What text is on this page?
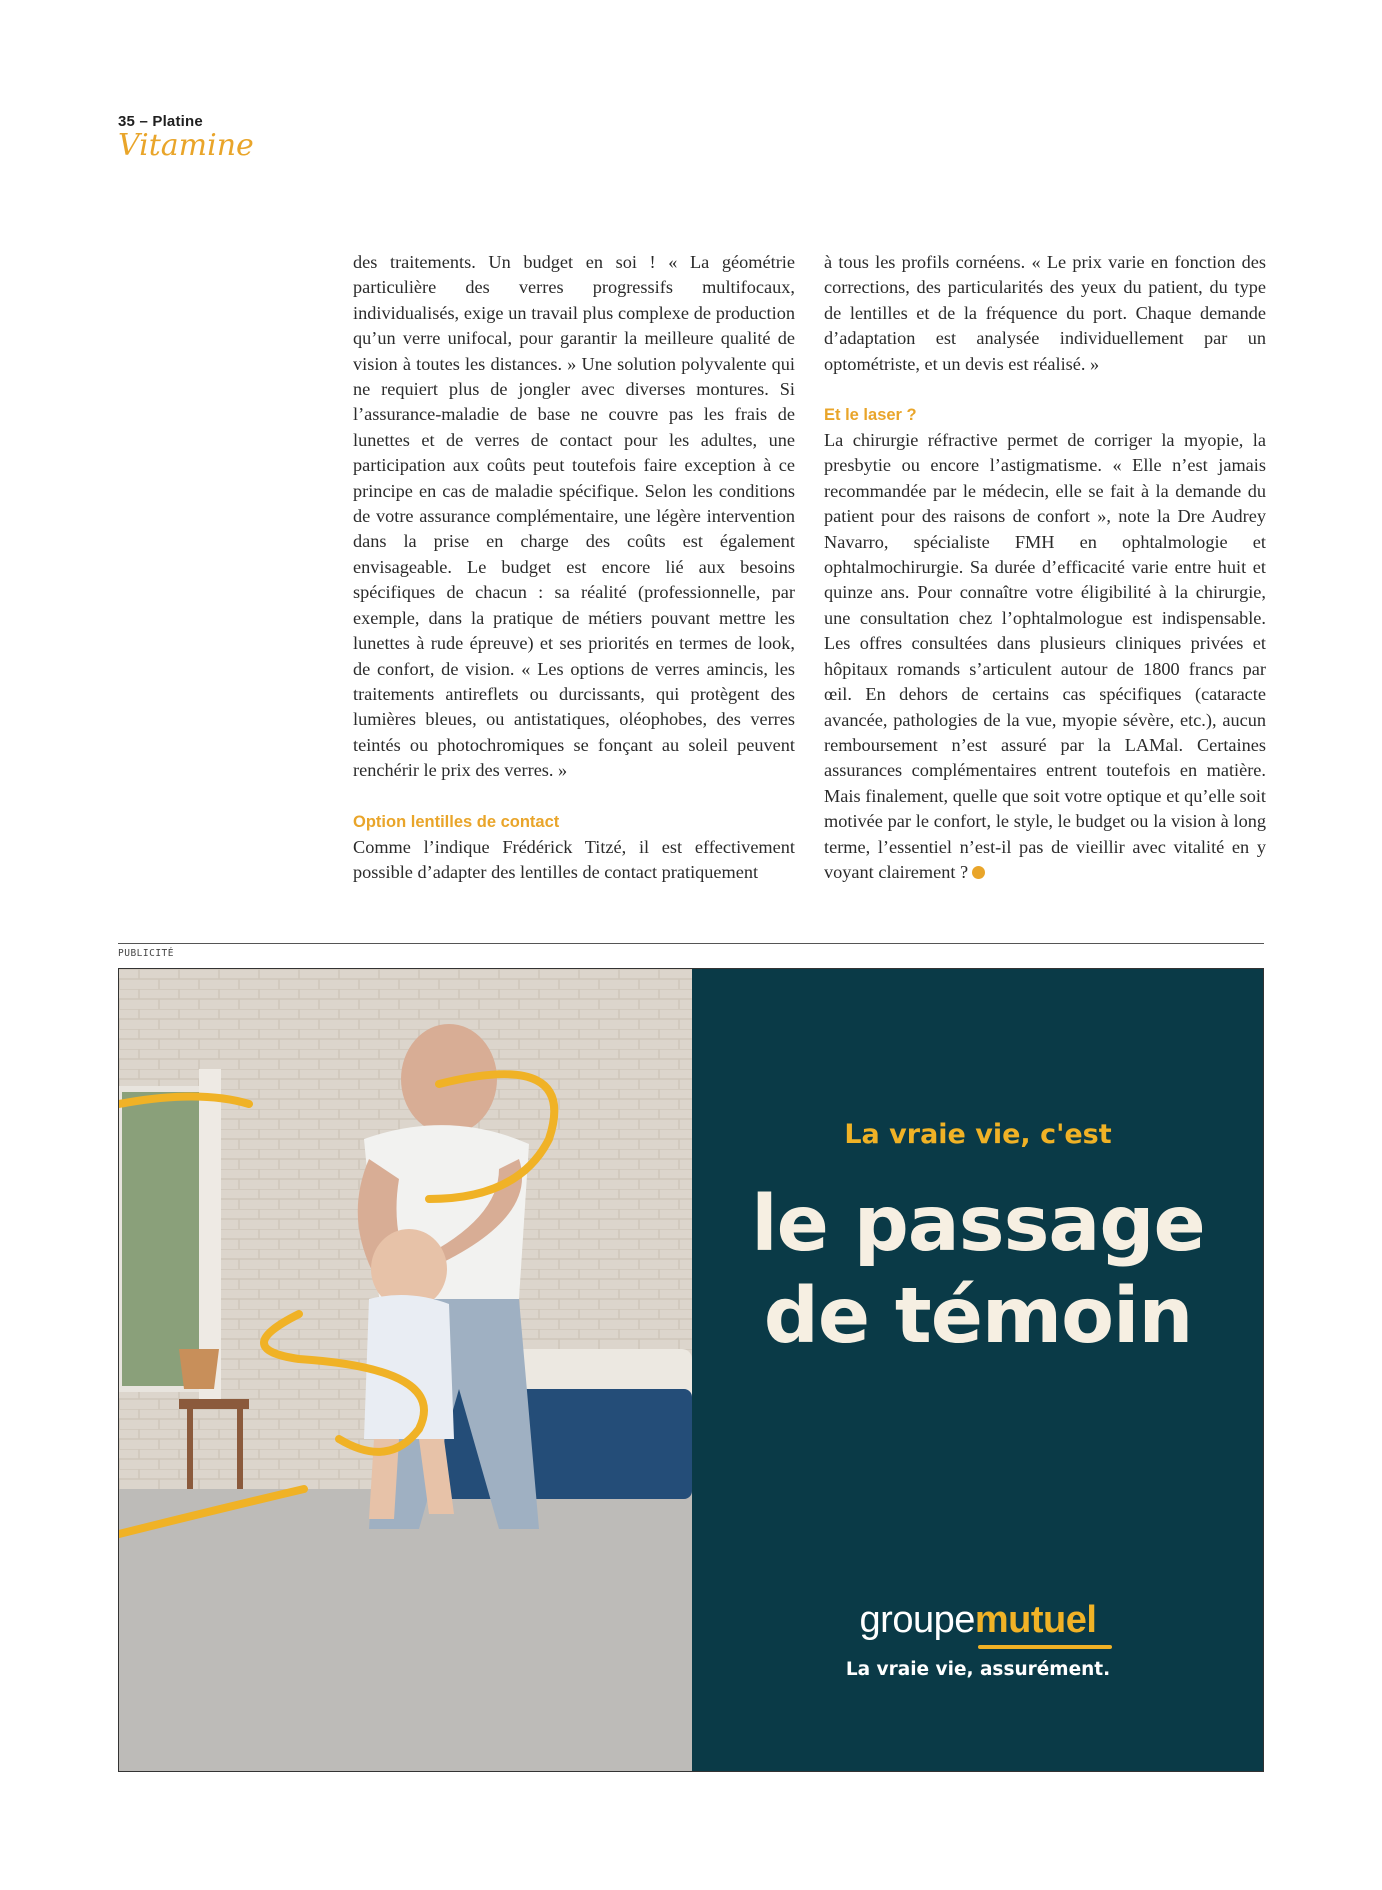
35 – Platine
Vitamine

des traitements. Un budget en soi ! « La géométrie particulière des verres progressifs multifocaux, individualisés, exige un travail plus complexe de production qu’un verre unifocal, pour garantir la meilleure qualité de vision à toutes les distances. » Une solution polyvalente qui ne requiert plus de jongler avec diverses montures. Si l’assurance-maladie de base ne couvre pas les frais de lunettes et de verres de contact pour les adultes, une participation aux coûts peut toutefois faire exception à ce principe en cas de maladie spécifique. Selon les conditions de votre assurance complémentaire, une légère intervention dans la prise en charge des coûts est également envisageable. Le budget est encore lié aux besoins spécifiques de chacun : sa réalité (professionnelle, par exemple, dans la pratique de métiers pouvant mettre les lunettes à rude épreuve) et ses priorités en termes de look, de confort, de vision. « Les options de verres amincis, les traitements antireflets ou durcissants, qui protègent des lumières bleues, ou antistatiques, oléophobes, des verres teintés ou photochromiques se fonçant au soleil peuvent renchérir le prix des verres. »

Option lentilles de contact

Comme l’indique Frédérick Titzé, il est effectivement possible d’adapter des lentilles de contact pratiquement

à tous les profils cornéens. « Le prix varie en fonction des corrections, des particularités des yeux du patient, du type de lentilles et de la fréquence du port. Chaque demande d’adaptation est analysée individuellement par un optométriste, et un devis est réalisé. »

Et le laser ?

La chirurgie réfractive permet de corriger la myopie, la presbytie ou encore l’astigmatisme. « Elle n’est jamais recommandée par le médecin, elle se fait à la demande du patient pour des raisons de confort », note la Dre Audrey Navarro, spécialiste FMH en ophtalmologie et ophtalmochirurgie. Sa durée d’efficacité varie entre huit et quinze ans. Pour connaître votre éligibilité à la chirurgie, une consultation chez l’ophtalmologue est indispensable. Les offres consultées dans plusieurs cliniques privées et hôpitaux romands s’articulent autour de 1800 francs par œil. En dehors de certains cas spécifiques (cataracte avancée, pathologies de la vue, myopie sévère, etc.), aucun remboursement n’est assuré par la LAMal. Certaines assurances complémentaires entrent toutefois en matière. Mais finalement, quelle que soit votre optique et qu’elle soit motivée par le confort, le style, le budget ou la vision à long terme, l’essentiel n’est-il pas de vieillir avec vitalité en y voyant clairement ?

PUBLICITÉ
La vraie vie, c'est
le passage
de témoin
groupemutuel
La vraie vie, assurément.
